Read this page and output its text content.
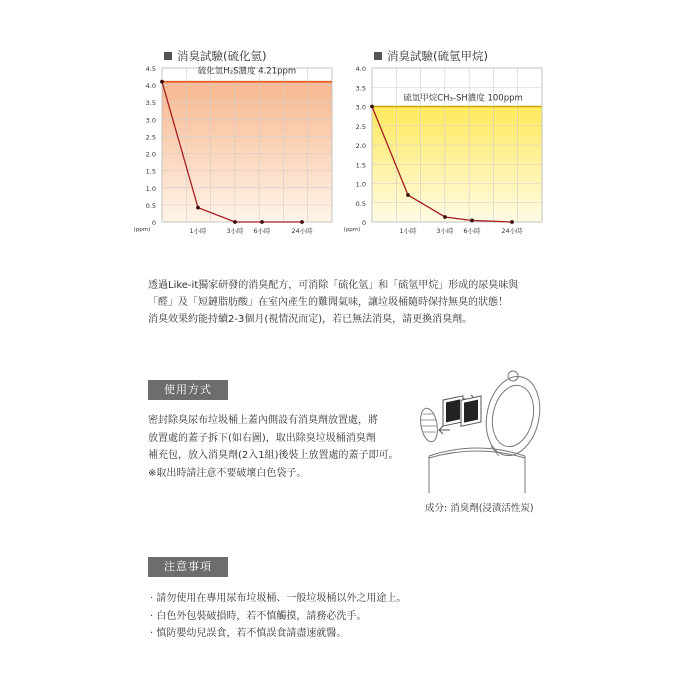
消臭試驗(硫化氫)
0
0.5
1.0
1.5
2.0
2.5
3.0
3.5
4.0
4.5	硫化氫H₂S濃度 4.21ppm
1小時	3小時 6小時	24小時
(ppm)
消臭試驗(硫氫甲烷)
0
0.5
1.0
1.5
2.0
2.5
3.0
3.5
4.0
硫氫甲烷CH₃-SH濃度 100ppm
1小時	3小時 6小時	24小時
(ppm)

透過Like-it獨家研發的消臭配方，可消除「硫化氫」和「硫氫甲烷」形成的尿臭味與

「醛」及「短鏈脂肪酸」在室內產生的難聞氣味，讓垃圾桶隨時保持無臭的狀態！

消臭效果約能持續2-3個月(視情況而定)，若已無法消臭，請更換消臭劑。

使用方式

密封除臭尿布垃圾桶上蓋內側設有消臭劑放置處，將

放置處的蓋子拆下(如右圖)，取出除臭垃圾桶消臭劑

補充包，放入消臭劑(2入1組)後裝上放置處的蓋子即可。

※取出時請注意不要破壞白色袋子。

成分: 消臭劑(浸漬活性炭)
注意事項

· 請勿使用在專用尿布垃圾桶、一般垃圾桶以外之用途上。

· 白色外包裝破損時，若不慎觸摸，請務必洗手。

· 慎防嬰幼兒誤食，若不慎誤食請盡速就醫。
